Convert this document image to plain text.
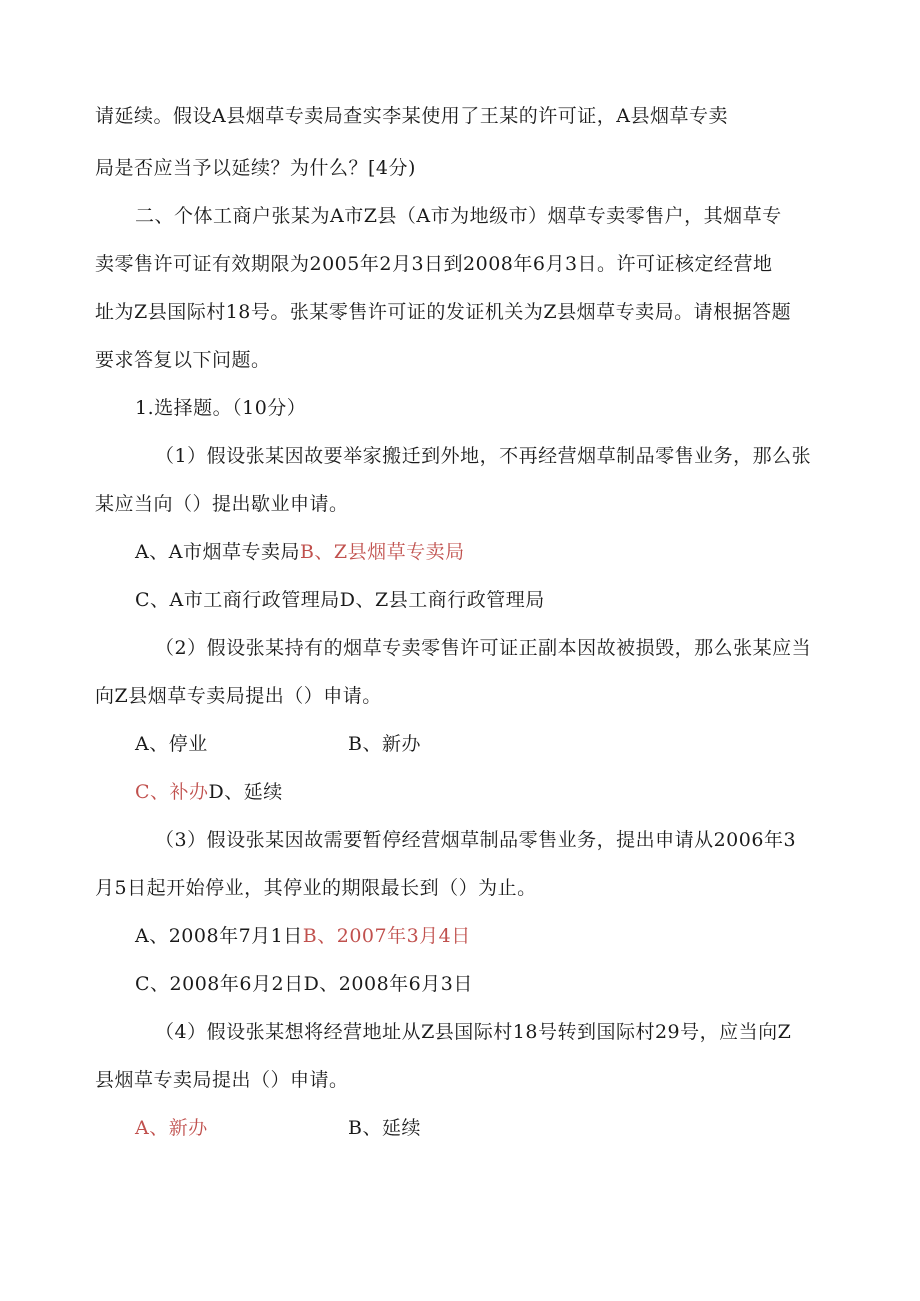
请延续。假设A县烟草专卖局查实李某使用了王某的许可证，A县烟草专卖
局是否应当予以延续？为什么？[4分)
二、个体工商户张某为A市Z县（A市为地级市）烟草专卖零售户，其烟草专
卖零售许可证有效期限为2005年2月3日到2008年6月3日。许可证核定经营地
址为Z县国际村18号。张某零售许可证的发证机关为Z县烟草专卖局。请根据答题
要求答复以下问题。
1.选择题。（10分）
（1）假设张某因故要举家搬迁到外地，不再经营烟草制品零售业务，那么张
某应当向（）提出歇业申请。
A、A市烟草专卖局B、Z县烟草专卖局
C、A市工商行政管理局D、Z县工商行政管理局
（2）假设张某持有的烟草专卖零售许可证正副本因故被损毁，那么张某应当
向Z县烟草专卖局提出（）申请。
A、停业	B、新办
C、补办D、延续
（3）假设张某因故需要暂停经营烟草制品零售业务，提出申请从2006年3
月5日起开始停业，其停业的期限最长到（）为止。
A、2008年7月1日B、2007年3月4日
C、2008年6月2日D、2008年6月3日
（4）假设张某想将经营地址从Z县国际村18号转到国际村29号，应当向Z
县烟草专卖局提出（）申请。
A、新办	B、延续
